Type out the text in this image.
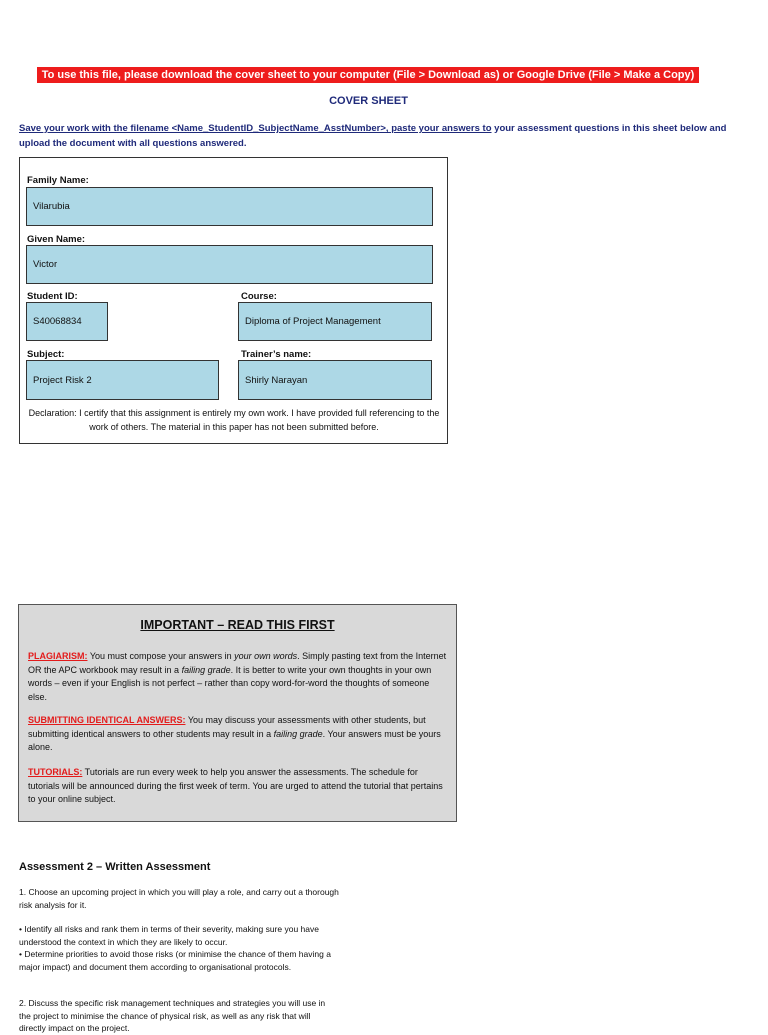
To use this file, please download the cover sheet to your computer (File > Download as) or Google Drive (File > Make a Copy)
COVER SHEET
Save your work with the filename <Name_StudentID_SubjectName_AsstNumber>, paste your answers to your assessment questions in this sheet below and upload the document with all questions answered.
Family Name:
Vilarubia
Given Name:
Victor
Student ID:
S40068834
Course:
Diploma of Project Management
Subject:
Project Risk 2
Trainer’s name:
Shirly Narayan
Declaration: I certify that this assignment is entirely my own work. I have provided full referencing to the work of others. The material in this paper has not been submitted before.
IMPORTANT – READ THIS FIRST
PLAGIARISM: You must compose your answers in your own words. Simply pasting text from the Internet OR the APC workbook may result in a failing grade. It is better to write your own thoughts in your own words – even if your English is not perfect – rather than copy word-for-word the thoughts of someone else.
SUBMITTING IDENTICAL ANSWERS: You may discuss your assessments with other students, but submitting identical answers to other students may result in a failing grade. Your answers must be yours alone.
TUTORIALS: Tutorials are run every week to help you answer the assessments. The schedule for tutorials will be announced during the first week of term. You are urged to attend the tutorial that pertains to your online subject.
Assessment 2 – Written Assessment
1. Choose an upcoming project in which you will play a role, and carry out a thorough risk analysis for it.
• Identify all risks and rank them in terms of their severity, making sure you have understood the context in which they are likely to occur.
• Determine priorities to avoid those risks (or minimise the chance of them having a major impact) and document them according to organisational protocols.
2. Discuss the specific risk management techniques and strategies you will use in the project to minimise the chance of physical risk, as well as any risk that will directly impact on the project.
